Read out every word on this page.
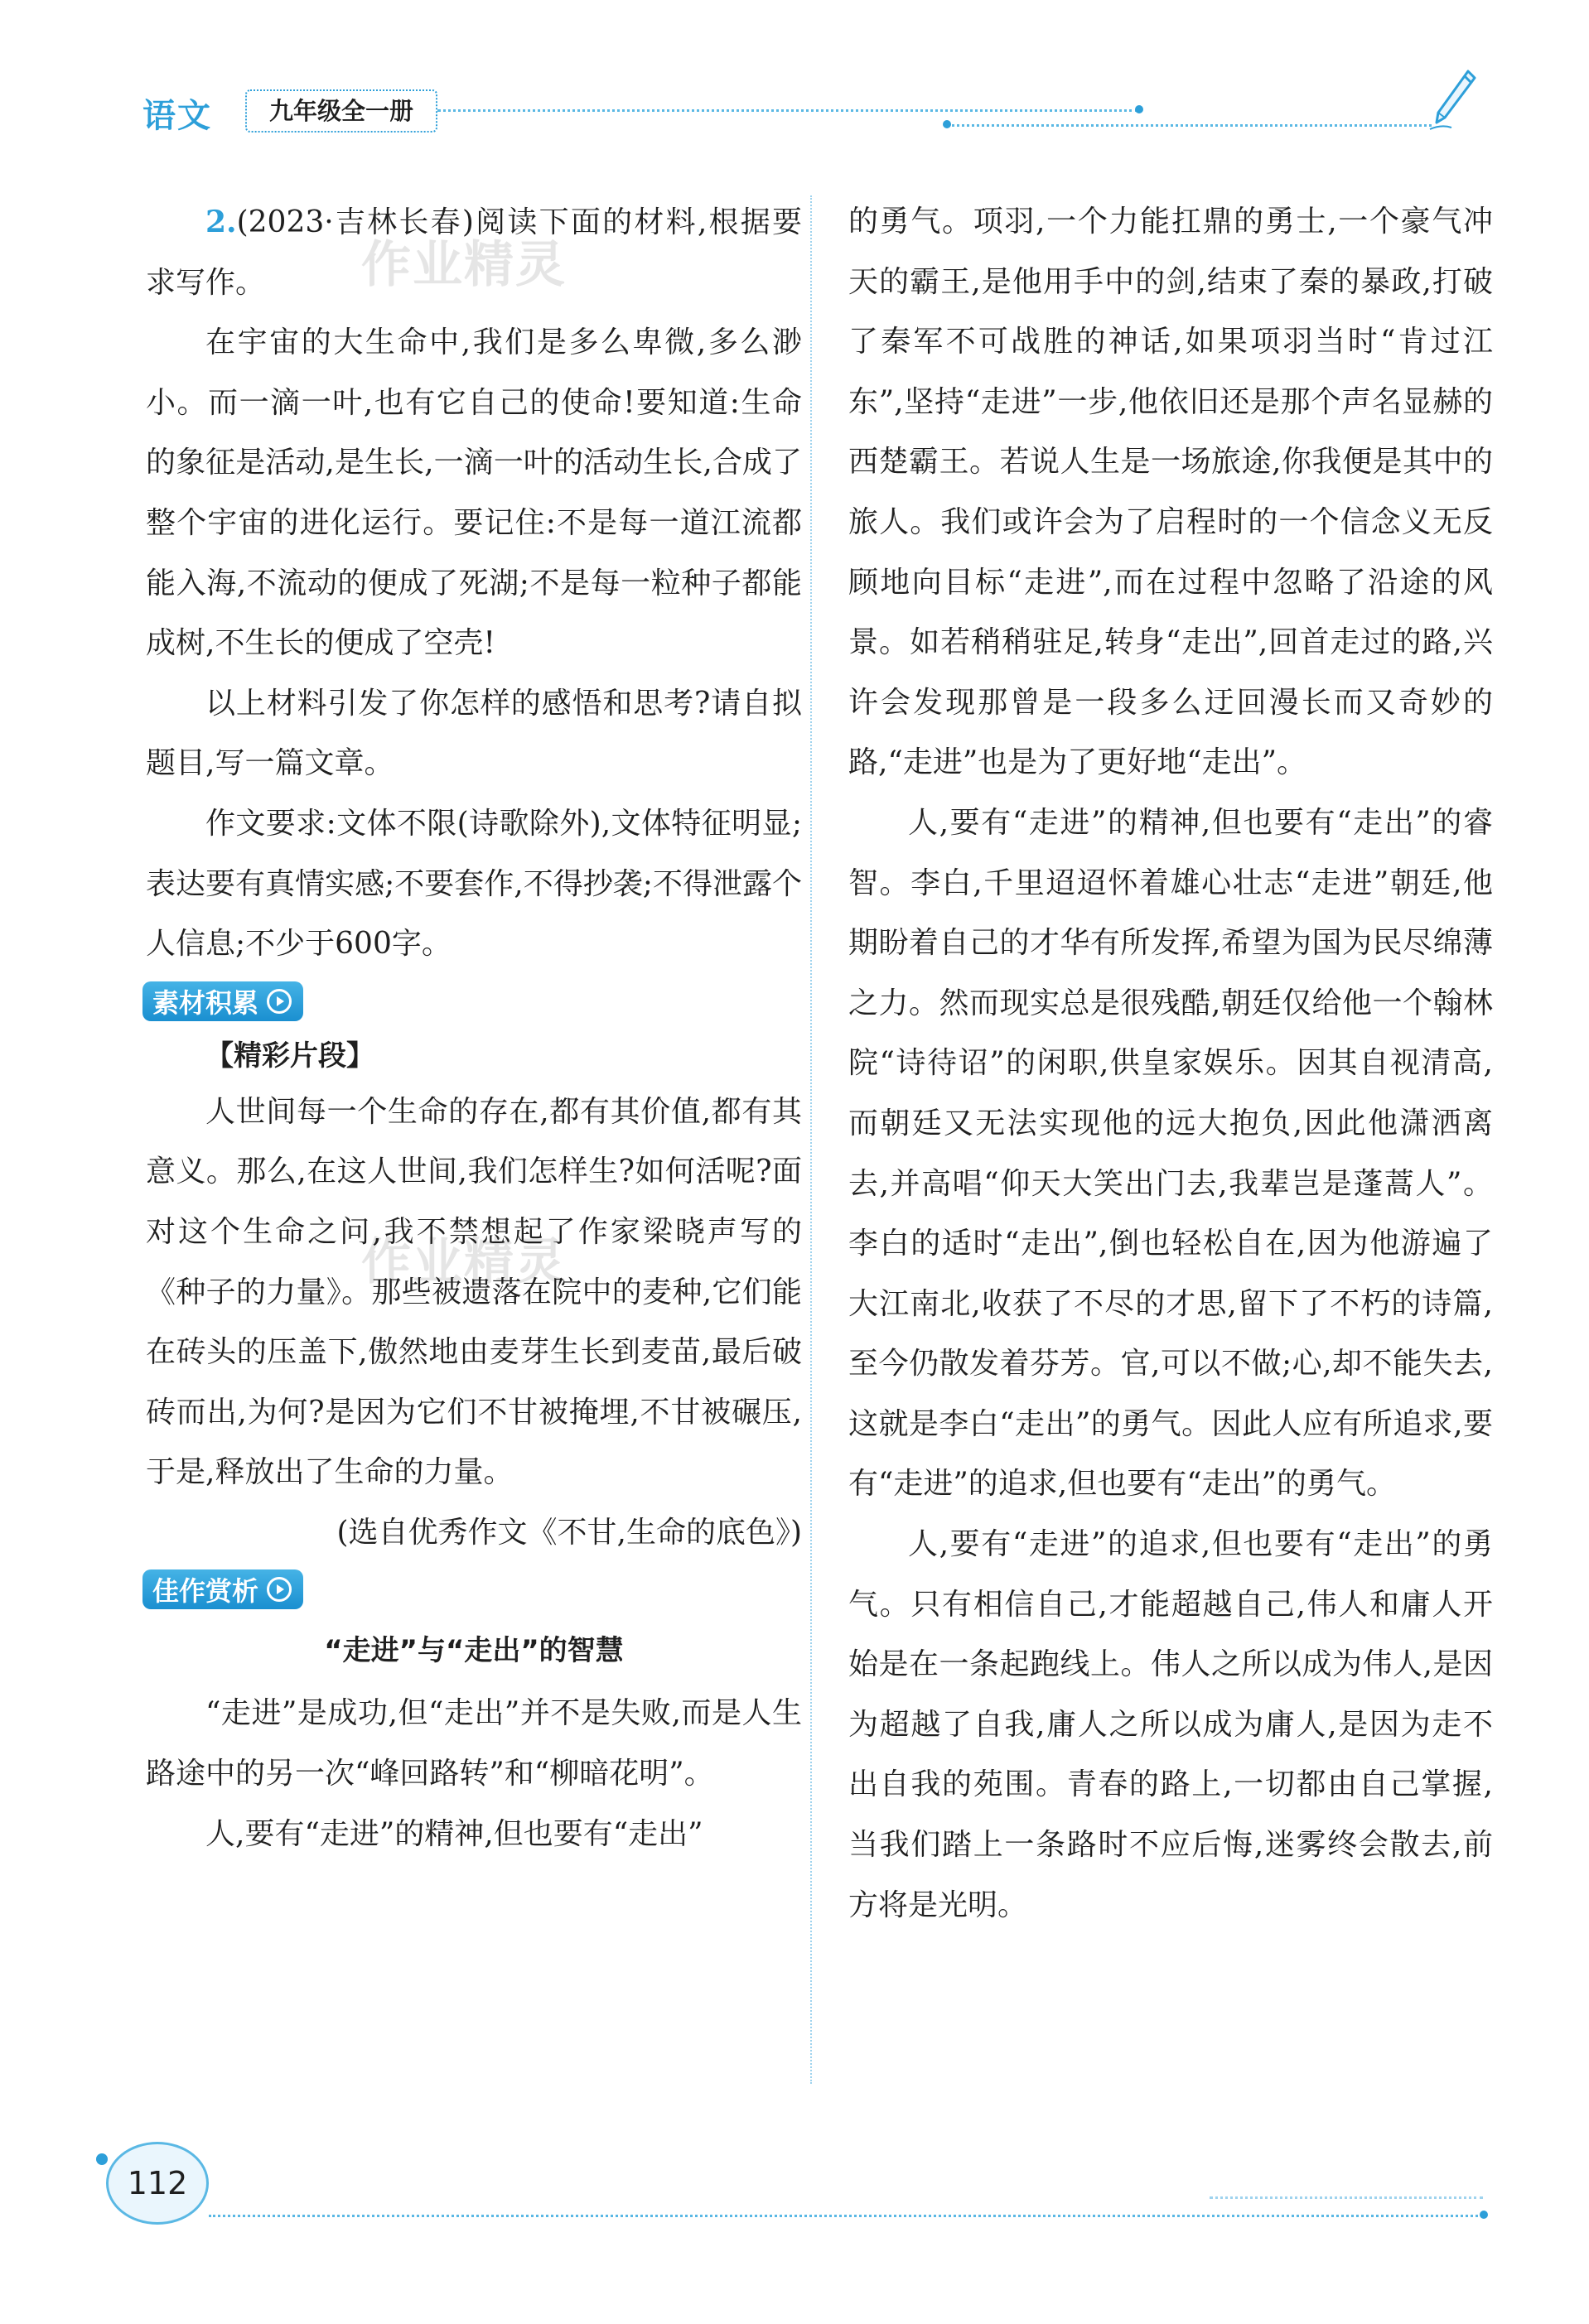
语文	九年级全一册
作业精灵
作业精灵

2.(2023·吉林长春)阅读下面的材料,根据要求写作。

在宇宙的大生命中,我们是多么卑微,多么渺小。而一滴一叶,也有它自己的使命!要知道:生命的象征是活动,是生长,一滴一叶的活动生长,合成了整个宇宙的进化运行。要记住:不是每一道江流都能入海,不流动的便成了死湖;不是每一粒种子都能成树,不生长的便成了空壳!

以上材料引发了你怎样的感悟和思考?请自拟题目,写一篇文章。

作文要求:文体不限(诗歌除外),文体特征明显;表达要有真情实感;不要套作,不得抄袭;不得泄露个人信息;不少于600字。

素材积累
【精彩片段】

人世间每一个生命的存在,都有其价值,都有其意义。那么,在这人世间,我们怎样生?如何活呢?面对这个生命之问,我不禁想起了作家梁晓声写的《种子的力量》。那些被遗落在院中的麦种,它们能在砖头的压盖下,傲然地由麦芽生长到麦苗,最后破砖而出,为何?是因为它们不甘被掩埋,不甘被碾压,于是,释放出了生命的力量。

(选自优秀作文《不甘,生命的底色》)

佳作赏析
“走进”与“走出”的智慧

“走进”是成功,但“走出”并不是失败,而是人生路途中的另一次“峰回路转”和“柳暗花明”。

人,要有“走进”的精神,但也要有“走出”

的勇气。项羽,一个力能扛鼎的勇士,一个豪气冲天的霸王,是他用手中的剑,结束了秦的暴政,打破了秦军不可战胜的神话,如果项羽当时“肯过江东”,坚持“走进”一步,他依旧还是那个声名显赫的西楚霸王。若说人生是一场旅途,你我便是其中的旅人。我们或许会为了启程时的一个信念义无反顾地向目标“走进”,而在过程中忽略了沿途的风景。如若稍稍驻足,转身“走出”,回首走过的路,兴许会发现那曾是一段多么迂回漫长而又奇妙的路,“走进”也是为了更好地“走出”。

人,要有“走进”的精神,但也要有“走出”的睿智。李白,千里迢迢怀着雄心壮志“走进”朝廷,他期盼着自己的才华有所发挥,希望为国为民尽绵薄之力。然而现实总是很残酷,朝廷仅给他一个翰林院“诗待诏”的闲职,供皇家娱乐。因其自视清高,而朝廷又无法实现他的远大抱负,因此他潇洒离去,并高唱“仰天大笑出门去,我辈岂是蓬蒿人”。李白的适时“走出”,倒也轻松自在,因为他游遍了大江南北,收获了不尽的才思,留下了不朽的诗篇,至今仍散发着芬芳。官,可以不做;心,却不能失去,这就是李白“走出”的勇气。因此人应有所追求,要有“走进”的追求,但也要有“走出”的勇气。

人,要有“走进”的追求,但也要有“走出”的勇气。只有相信自己,才能超越自己,伟人和庸人开始是在一条起跑线上。伟人之所以成为伟人,是因为超越了自我,庸人之所以成为庸人,是因为走不出自我的苑围。青春的路上,一切都由自己掌握,当我们踏上一条路时不应后悔,迷雾终会散去,前方将是光明。

112
